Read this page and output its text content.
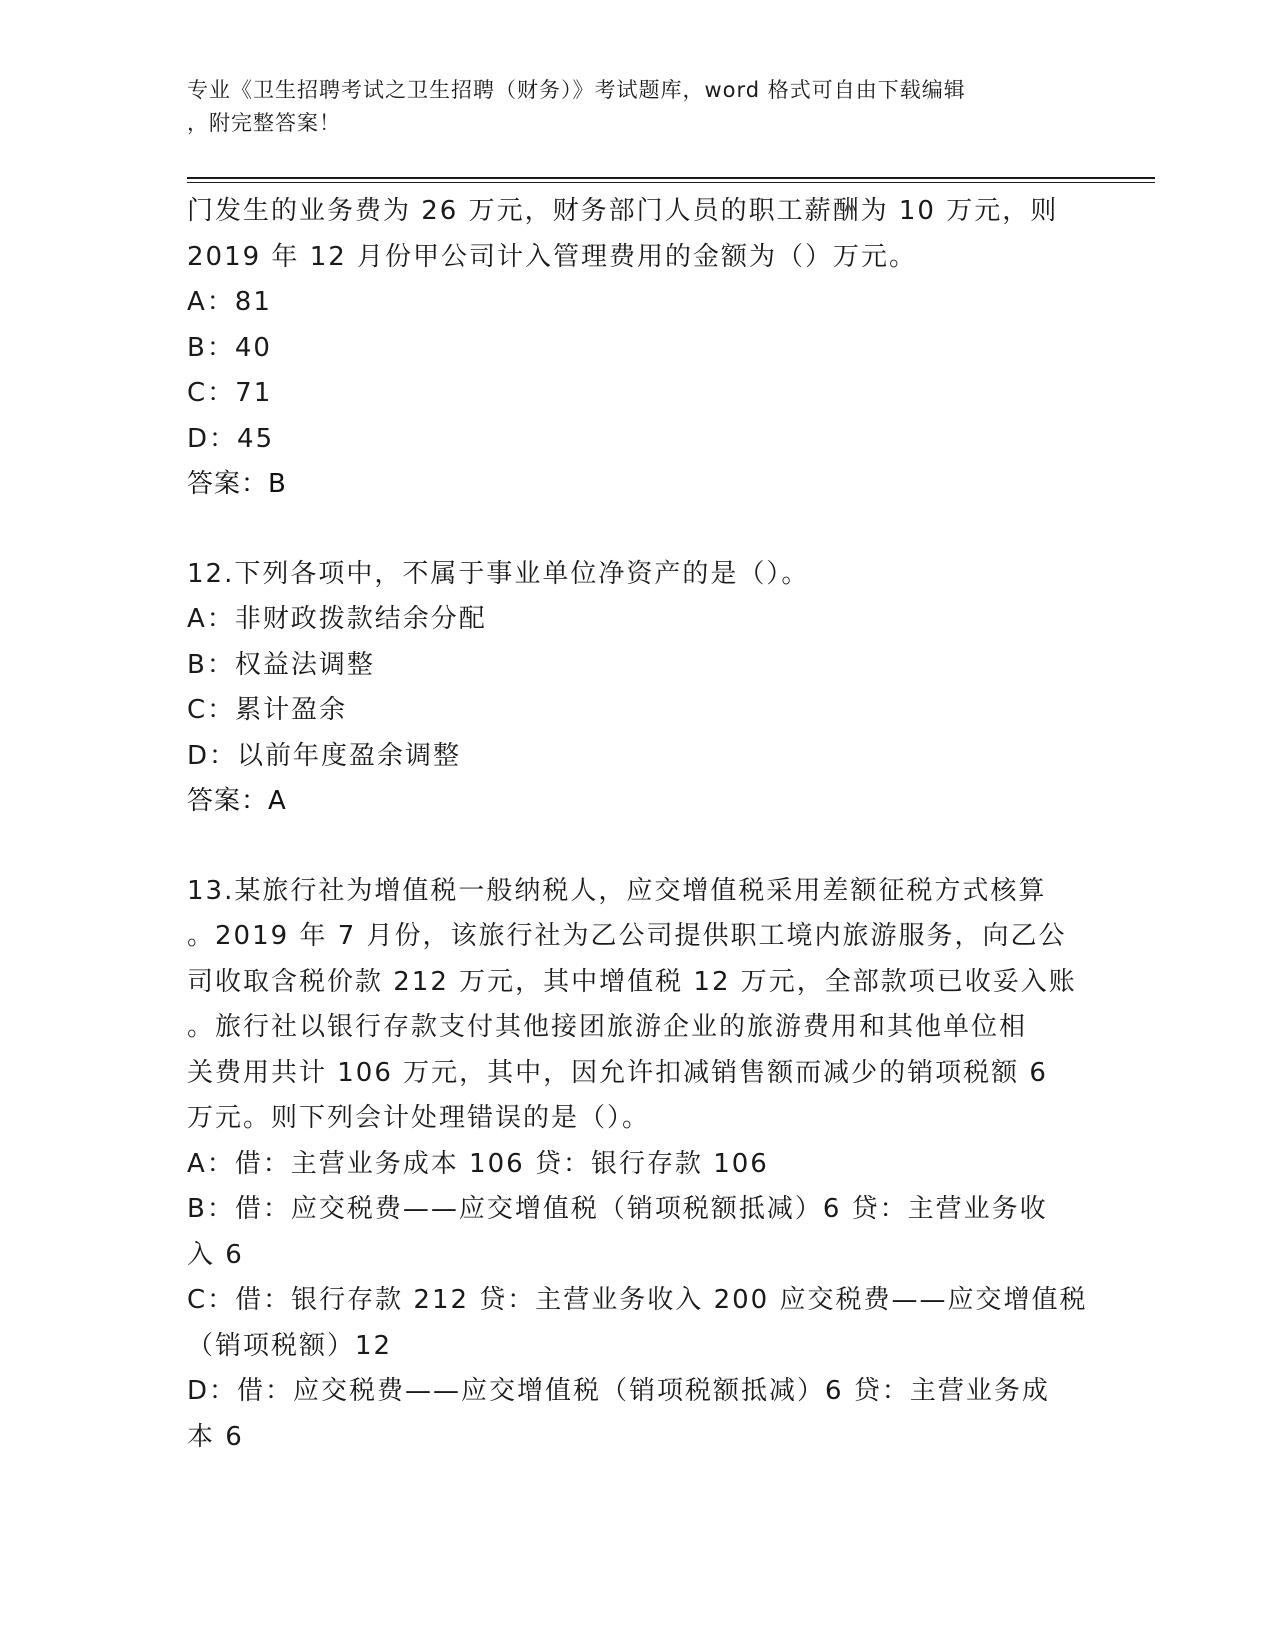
专业《卫生招聘考试之卫生招聘（财务）》考试题库，word 格式可自由下载编辑
，附完整答案！
门发生的业务费为 26 万元，财务部门人员的职工薪酬为 10 万元，则
2019 年 12 月份甲公司计入管理费用的金额为（）万元。
A：81
B：40
C：71
D：45
答案：B
12.下列各项中，不属于事业单位净资产的是（）。
A：非财政拨款结余分配
B：权益法调整
C：累计盈余
D：以前年度盈余调整
答案：A
13.某旅行社为增值税一般纳税人，应交增值税采用差额征税方式核算
。2019 年 7 月份，该旅行社为乙公司提供职工境内旅游服务，向乙公
司收取含税价款 212 万元，其中增值税 12 万元，全部款项已收妥入账
。旅行社以银行存款支付其他接团旅游企业的旅游费用和其他单位相
关费用共计 106 万元，其中，因允许扣减销售额而减少的销项税额 6
万元。则下列会计处理错误的是（）。
A：借：主营业务成本 106 贷：银行存款 106
B：借：应交税费——应交增值税（销项税额抵减）6 贷：主营业务收
入 6
C：借：银行存款 212 贷：主营业务收入 200 应交税费——应交增值税
（销项税额）12
D：借：应交税费——应交增值税（销项税额抵减）6 贷：主营业务成
本 6
